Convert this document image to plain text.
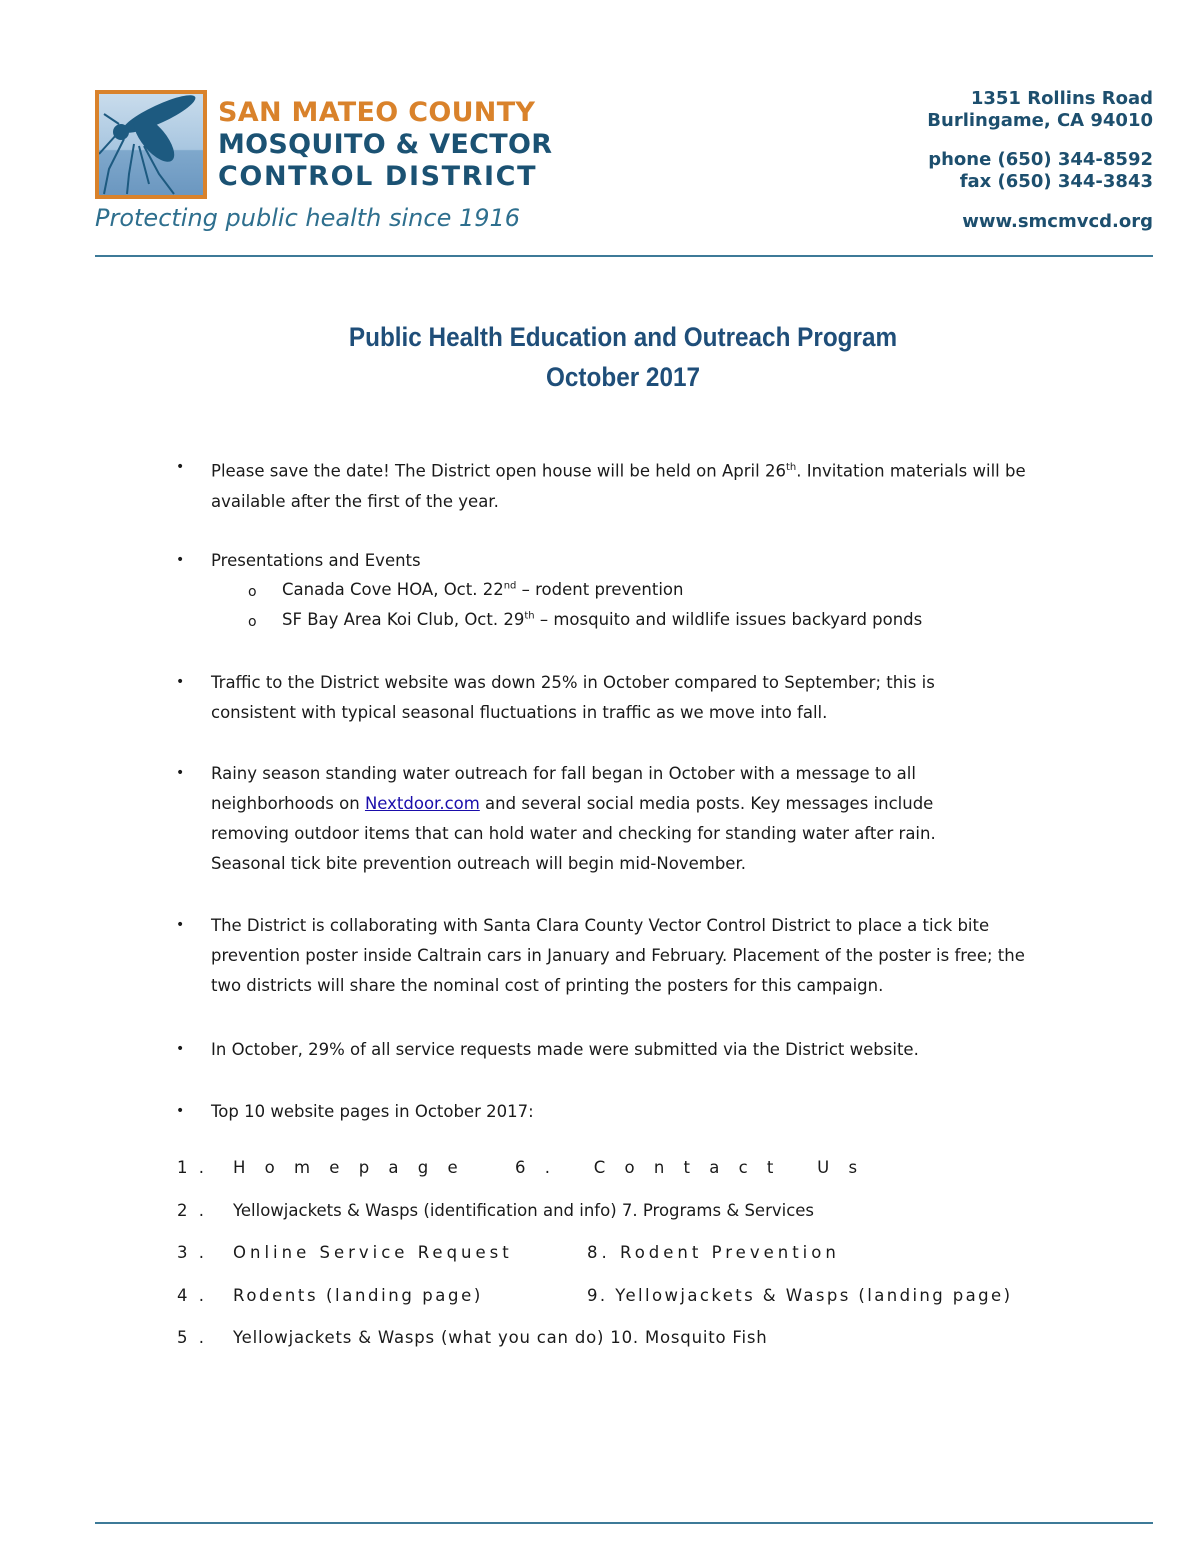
SAN MATEO COUNTY
MOSQUITO & VECTOR
CONTROL DISTRICT
Protecting public health since 1916
1351 Rollins Road
Burlingame, CA 94010
phone (650) 344-8592
fax (650) 344-3843
www.smcmvcd.org
Public Health Education and Outreach Program
October 2017
• Please save the date! The District open house will be held on April 26th. Invitation materials will be
available after the first of the year.
• Presentations and Events
o Canada Cove HOA, Oct. 22nd – rodent prevention
o SF Bay Area Koi Club, Oct. 29th – mosquito and wildlife issues backyard ponds
• Traffic to the District website was down 25% in October compared to September; this is
consistent with typical seasonal fluctuations in traffic as we move into fall.
• Rainy season standing water outreach for fall began in October with a message to all
neighborhoods on Nextdoor.com and several social media posts. Key messages include
removing outdoor items that can hold water and checking for standing water after rain.
Seasonal tick bite prevention outreach will begin mid-November.
• The District is collaborating with Santa Clara County Vector Control District to place a tick bite
prevention poster inside Caltrain cars in January and February. Placement of the poster is free; the
two districts will share the nominal cost of printing the posters for this campaign.
• In October, 29% of all service requests made were submitted via the District website.
• Top 10 website pages in October 2017:
1 . H o m e p a g e	6 .   C o n t a c t   U s
2 . Yellowjackets & Wasps (identification and info) 7. Programs & Services
3 . Online Service Request	8. Rodent Prevention
4 . Rodents (landing page)	9. Yellowjackets & Wasps (landing page)
5 . Yellowjackets & Wasps (what you can do) 10. Mosquito Fish
